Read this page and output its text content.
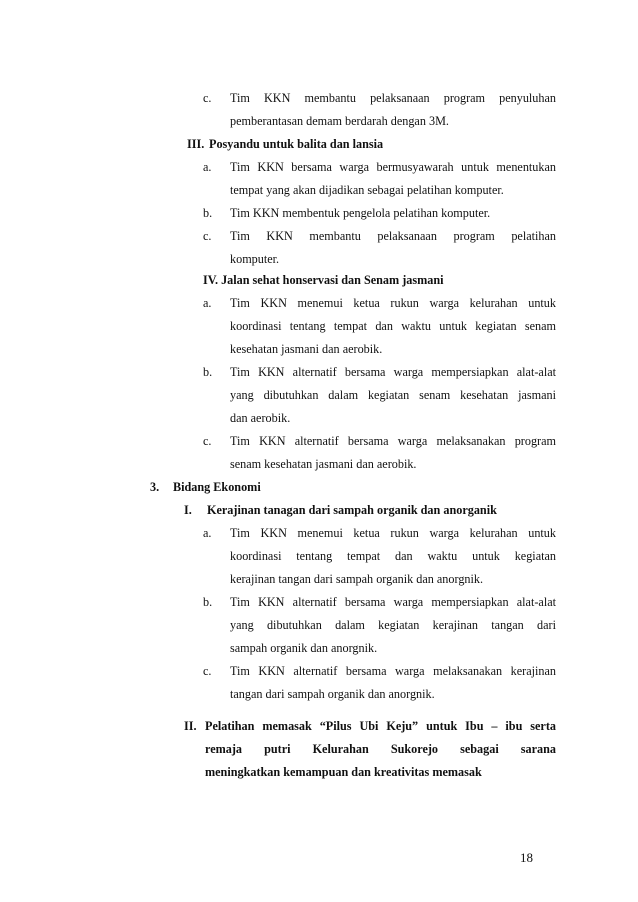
c. Tim KKN membantu pelaksanaan program penyuluhan
pemberantasan demam berdarah dengan 3M.
III. Posyandu untuk balita dan lansia
a. Tim KKN bersama warga bermusyawarah untuk menentukan
tempat yang akan dijadikan sebagai pelatihan komputer.
b. Tim KKN membentuk pengelola pelatihan komputer.
c. Tim KKN membantu pelaksanaan program pelatihan
komputer.
IV. Jalan sehat honservasi dan Senam jasmani
a. Tim KKN menemui ketua rukun warga kelurahan untuk
koordinasi tentang tempat dan waktu untuk kegiatan senam
kesehatan jasmani dan aerobik.
b. Tim KKN alternatif bersama warga mempersiapkan alat-alat
yang dibutuhkan dalam kegiatan senam kesehatan jasmani
dan aerobik.
c. Tim KKN alternatif bersama warga melaksanakan program
senam kesehatan jasmani dan aerobik.
3. Bidang Ekonomi
I. Kerajinan tanagan dari sampah organik dan anorganik
a. Tim KKN menemui ketua rukun warga kelurahan untuk
koordinasi tentang tempat dan waktu untuk kegiatan
kerajinan tangan dari sampah organik dan anorgnik.
b. Tim KKN alternatif bersama warga mempersiapkan alat-alat
yang dibutuhkan dalam kegiatan kerajinan tangan dari
sampah organik dan anorgnik.
c. Tim KKN alternatif bersama warga melaksanakan kerajinan
tangan dari sampah organik dan anorgnik.
II. Pelatihan memasak “Pilus Ubi Keju” untuk Ibu – ibu serta
remaja putri Kelurahan Sukorejo sebagai sarana
meningkatkan kemampuan dan kreativitas memasak
18
